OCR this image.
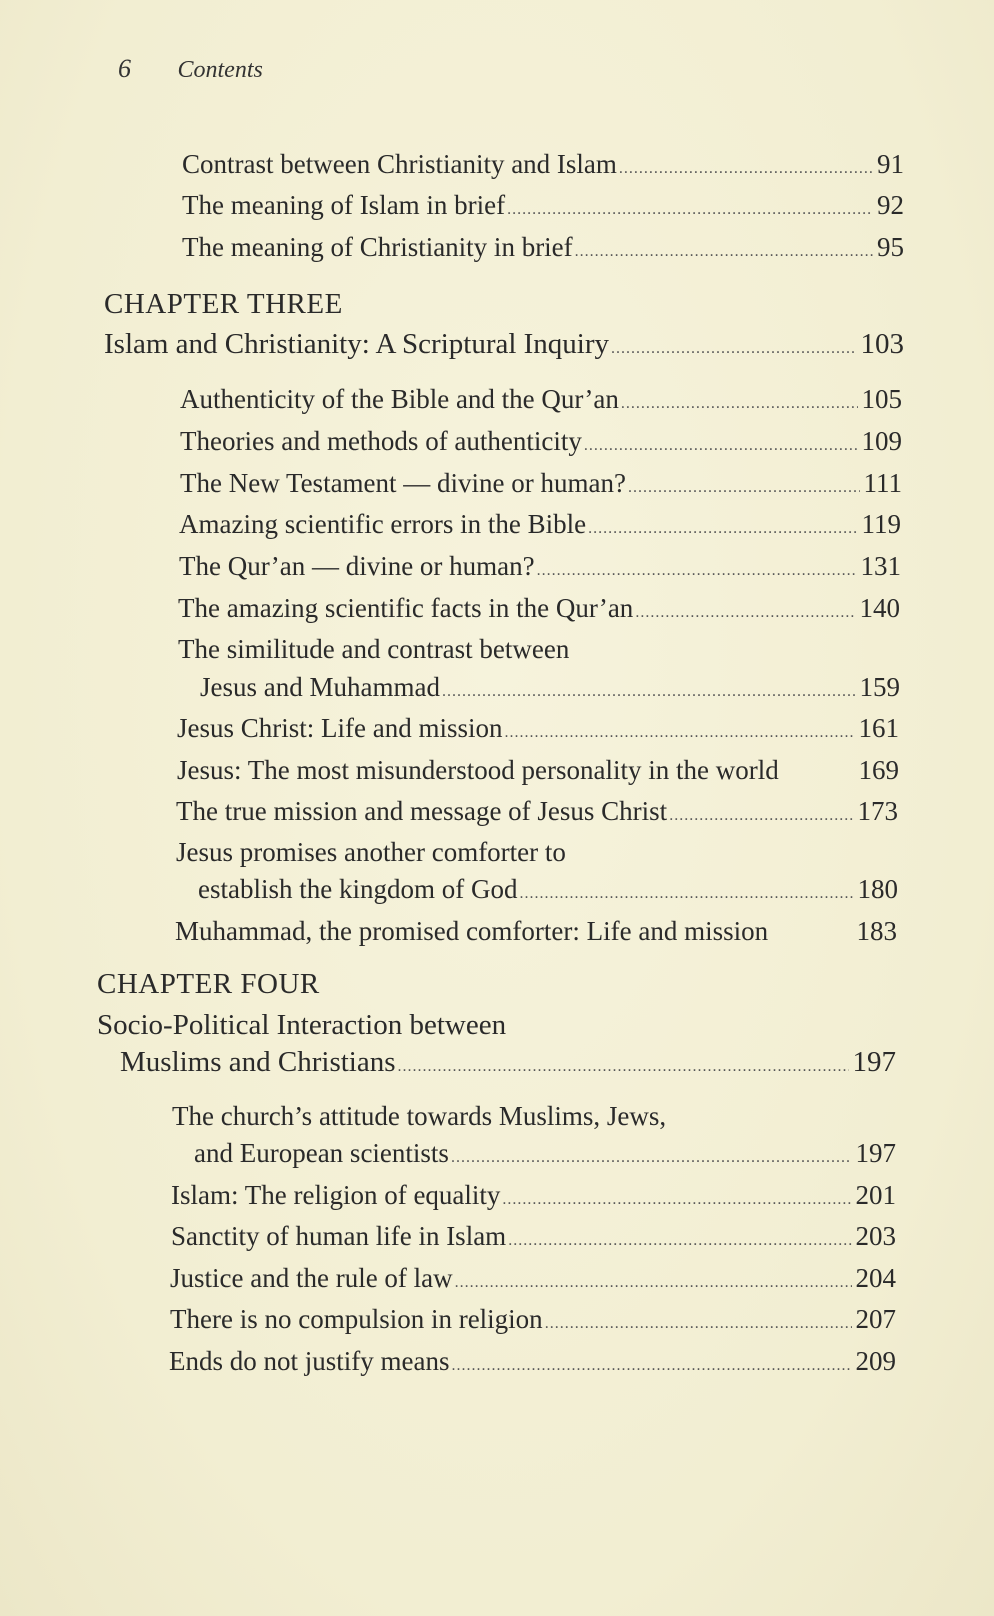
6 Contents
Contrast between Christianity and Islam .....	91
The meaning of Islam in brief .....	92
The meaning of Christianity in brief .....	95
CHAPTER THREE
Islam and Christianity: A Scriptural Inquiry .....	103
Authenticity of the Bible and the Qur’an .....	105
Theories and methods of authenticity .....	109
The New Testament — divine or human? .....	111
Amazing scientific errors in the Bible .....	119
The Qur’an — divine or human? .....	131
The amazing scientific facts in the Qur’an .....	140
The similitude and contrast between
Jesus and Muhammad .....	159
Jesus Christ: Life and mission .....	161
Jesus: The most misunderstood personality in the world	169
The true mission and message of Jesus Christ .....	173
Jesus promises another comforter to
establish the kingdom of God .....	180
Muhammad, the promised comforter: Life and mission	183
CHAPTER FOUR
Socio-Political Interaction between
Muslims and Christians .....	197
The church’s attitude towards Muslims, Jews,
and European scientists .....	197
Islam: The religion of equality .....	201
Sanctity of human life in Islam .....	203
Justice and the rule of law .....	204
There is no compulsion in religion .....	207
Ends do not justify means .....	209
